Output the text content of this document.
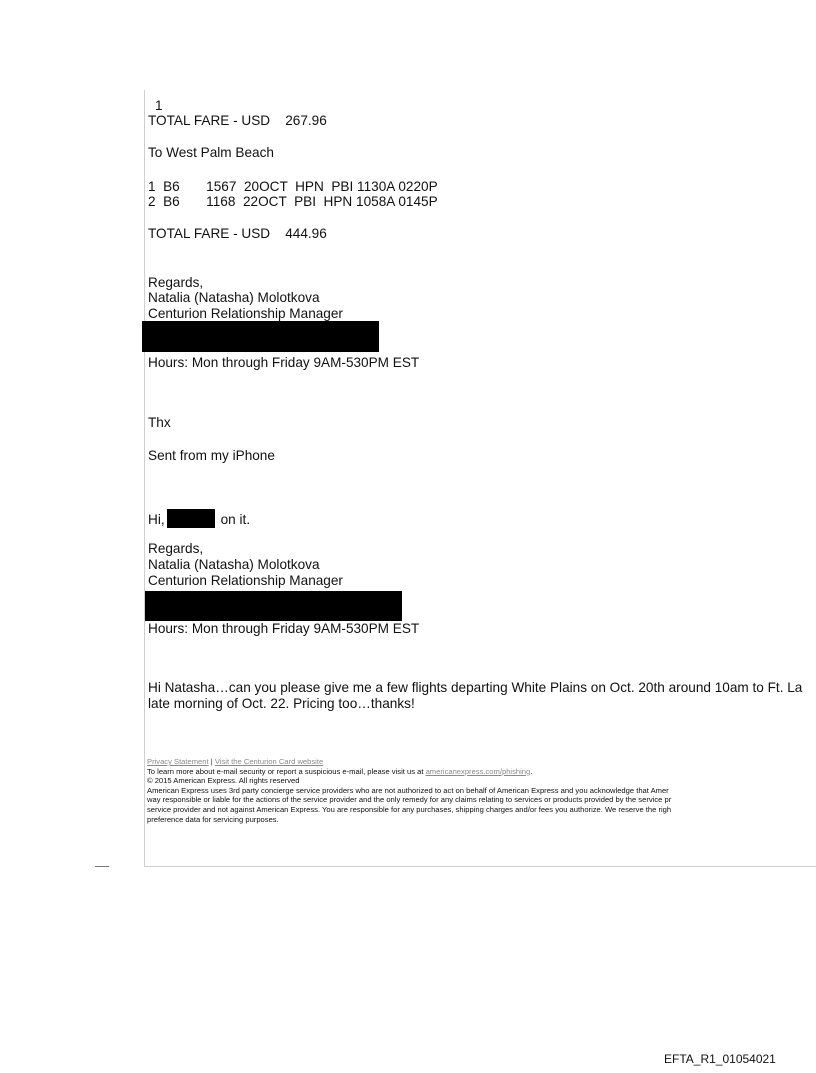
1

TOTAL FARE - USD    267.96

To West Palm Beach

1  B6       1567  20OCT  HPN  PBI 1130A 0220P

2  B6       1168  22OCT  PBI  HPN 1058A 0145P

TOTAL FARE - USD    444.96

Regards,

Natalia (Natasha) Molotkova

Centurion Relationship Manager

Hours: Mon through Friday 9AM-530PM EST

Thx

Sent from my iPhone

Hi,	on it.

Regards,

Natalia (Natasha) Molotkova

Centurion Relationship Manager

Hours: Mon through Friday 9AM-530PM EST

Hi Natasha…can you please give me a few flights departing White Plains on Oct. 20th around 10am to Ft. La

late morning of Oct. 22. Pricing too…thanks!

Privacy Statement | Visit the Centurion Card website
To learn more about e-mail security or report a suspicious e-mail, please visit us at americanexpress.com/phishing.
© 2015 American Express. All rights reserved
American Express uses 3rd party concierge service providers who are not authorized to act on behalf of American Express and you acknowledge that Amer
way responsible or liable for the actions of the service provider and the only remedy for any claims relating to services or products provided by the service pr
service provider and not against American Express. You are responsible for any purchases, shipping charges and/or fees you authorize. We reserve the righ
preference data for servicing purposes.
EFTA_R1_01054021
